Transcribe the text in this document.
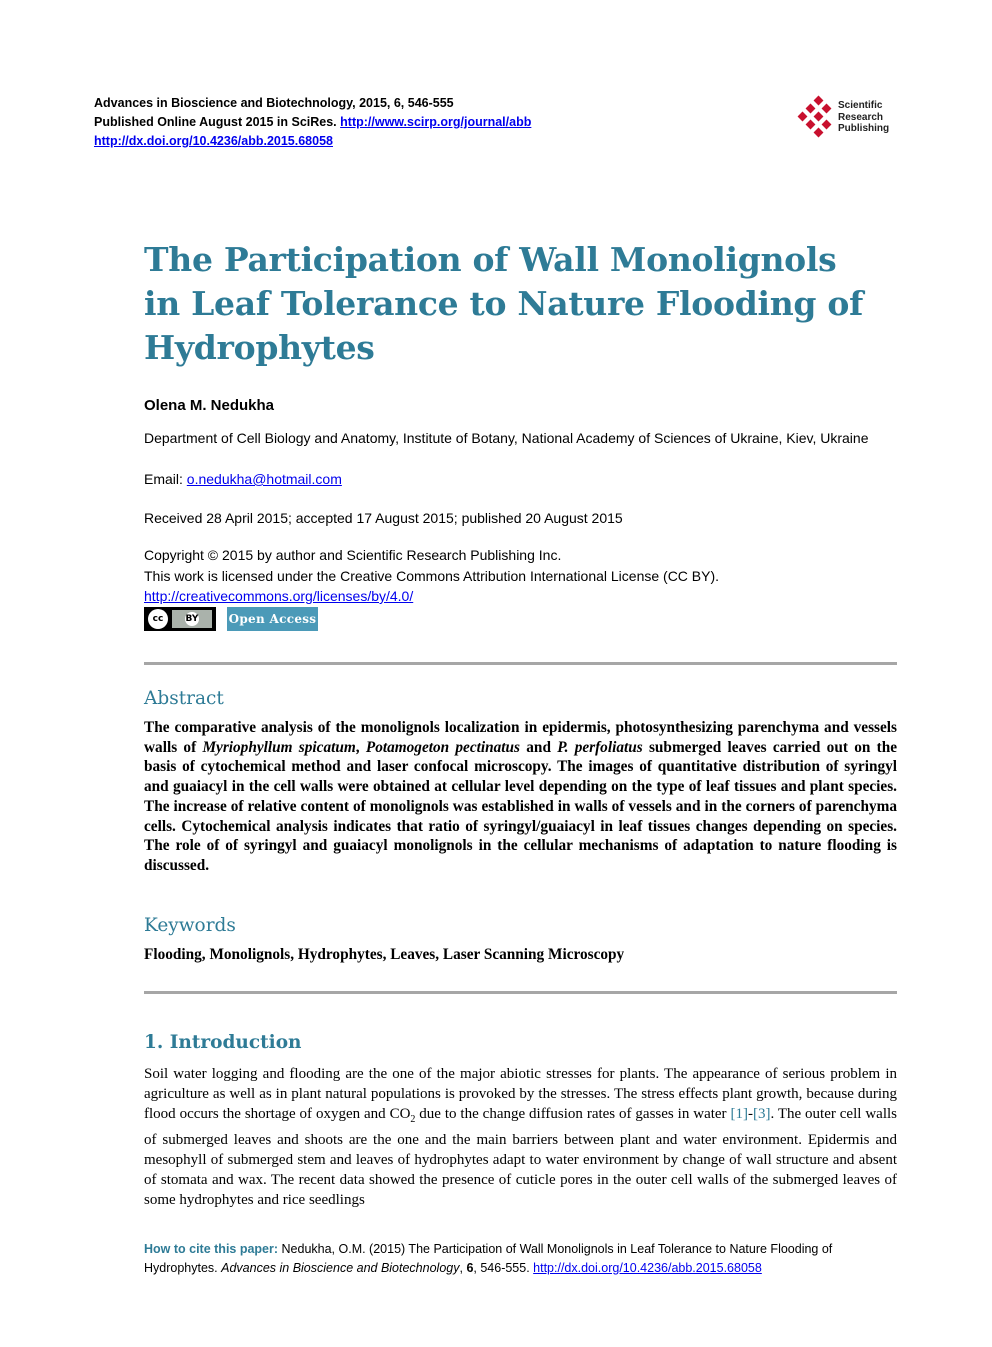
Advances in Bioscience and Biotechnology, 2015, 6, 546-555
Published Online August 2015 in SciRes. http://www.scirp.org/journal/abb
http://dx.doi.org/10.4236/abb.2015.68058
Scientific
Research
Publishing
The Participation of Wall Monolignols in Leaf Tolerance to Nature Flooding of Hydrophytes
Olena M. Nedukha
Department of Cell Biology and Anatomy, Institute of Botany, National Academy of Sciences of Ukraine, Kiev, Ukraine
Email: o.nedukha@hotmail.com
Received 28 April 2015; accepted 17 August 2015; published 20 August 2015
Copyright © 2015 by author and Scientific Research Publishing Inc.
This work is licensed under the Creative Commons Attribution International License (CC BY).
http://creativecommons.org/licenses/by/4.0/
cc	BY	Open Access
Abstract
The comparative analysis of the monolignols localization in epidermis, photosynthesizing parenchyma and vessels walls of Myriophyllum spicatum, Potamogeton pectinatus and P. perfoliatus submerged leaves carried out on the basis of cytochemical method and laser confocal microscopy. The images of quantitative distribution of syringyl and guaiacyl in the cell walls were obtained at cellular level depending on the type of leaf tissues and plant species. The increase of relative content of monolignols was established in walls of vessels and in the corners of parenchyma cells. Cytochemical analysis indicates that ratio of syringyl/guaiacyl in leaf tissues changes depending on species. The role of of syringyl and guaiacyl monolignols in the cellular mechanisms of adaptation to nature flooding is discussed.
Keywords
Flooding, Monolignols, Hydrophytes, Leaves, Laser Scanning Microscopy
1. Introduction
Soil water logging and flooding are the one of the major abiotic stresses for plants. The appearance of serious problem in agriculture as well as in plant natural populations is provoked by the stresses. The stress effects plant growth, because during flood occurs the shortage of oxygen and $CO_2$ due to the change diffusion rates of gasses in water [1]-[3]. The outer cell walls of submerged leaves and shoots are the one and the main barriers between plant and water environment. Epidermis and mesophyll of submerged stem and leaves of hydrophytes adapt to water environment by change of wall structure and absent of stomata and wax. The recent data showed the presence of cuticle pores in the outer cell walls of the submerged leaves of some hydrophytes and rice seedlings
How to cite this paper: Nedukha, O.M. (2015) The Participation of Wall Monolignols in Leaf Tolerance to Nature Flooding of Hydrophytes. Advances in Bioscience and Biotechnology, 6, 546-555. http://dx.doi.org/10.4236/abb.2015.68058
